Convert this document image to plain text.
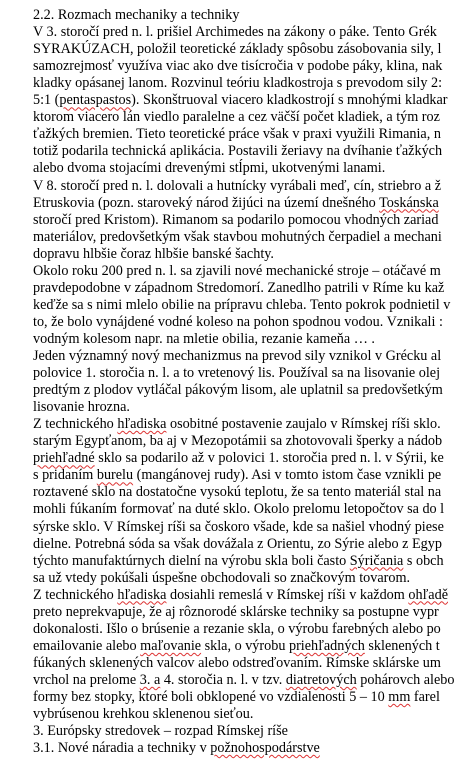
2.2. Rozmach mechaniky a techniky
V 3. storočí pred n. l. prišiel Archimedes na zákony o páke. Tento Grék
SYRAKÚZACH, položil teoretické základy spôsobu zásobovania sily, l
samozrejmosť využíva viac ako dve tisícročia v podobe páky, klina, nak
kladky opásanej lanom. Rozvinul teóriu kladkostroja s prevodom sily 2:
5:1 (pentaspastos). Skonštruoval viacero kladkostrojí s mnohými kladkar
ktorom viacero lán viedlo paralelne a cez väčší počet kladiek, a tým roz
ťažkých bremien. Tieto teoretické práce však v praxi využili Rimania, n
totiž podarila technická aplikácia. Postavili žeriavy na dvíhanie ťažkých
alebo dvoma stojacími drevenými stĺpmi, ukotvenými lanami.
V 8. storočí pred n. l. dolovali a hutnícky vyrábali meď, cín, striebro a ž
Etruskovia (pozn. staroveký národ žijúci na území dnešného Toskánska
storočí pred Kristom). Rimanom sa podarilo pomocou vhodných zariad
materiálov, predovšetkým však stavbou mohutných čerpadiel a mechani
dopravu hlbšie čoraz hlbšie banské šachty.
Okolo roku 200 pred n. l. sa zjavili nové mechanické stroje – otáčavé m
pravdepodobne v západnom Stredomorí. Zanedlho patrili v Ríme ku kaž
keďže sa s nimi mlelo obilie na prípravu chleba. Tento pokrok podnietil v
to, že bolo vynájdené vodné koleso na pohon spodnou vodou. Vznikali :
vodným kolesom napr. na mletie obilia, rezanie kameňa … .
Jeden významný nový mechanizmus na prevod sily vznikol v Grécku al
polovice 1. storočia n. l. a to vretenový lis. Používal sa na lisovanie olej
predtým z plodov vytláčal pákovým lisom, ale uplatnil sa predovšetkým
lisovanie hrozna.
Z technického hľadiska osobitné postavenie zaujalo v Rímskej ríši sklo.
starým Egypťanom, ba aj v Mezopotámii sa zhotovovali šperky a nádob
priehľadné sklo sa podarilo až v polovici 1. storočia pred n. l. v Sýrii, ke
s pridaním burelu (mangánovej rudy). Asi v tomto istom čase vznikli pe
roztavené sklo na dostatočne vysokú teplotu, že sa tento materiál stal na
mohli fúkaním formovať na duté sklo. Okolo prelomu letopočtov sa do l
sýrske sklo. V Rímskej ríši sa čoskoro všade, kde sa našiel vhodný piese
dielne. Potrebná sóda sa však dovážala z Orientu, zo Sýrie alebo z Egyp
týchto manufaktúrnych dielní na výrobu skla boli často Sýričania s obch
sa už vtedy pokúšali úspešne obchodovali so značkovým tovarom.
Z technického hľadiska dosiahli remeslá v Rímskej ríši v každom ohľadě
preto neprekvapuje, že aj rôznorodé sklárske techniky sa postupne vypr
dokonalosti. Išlo o brúsenie a rezanie skla, o výrobu farebných alebo po
emailovanie alebo maľovanie skla, o výrobu priehľadných sklenených t
fúkaných sklenených valcov alebo odstreďovaním. Rímske sklárske um
vrchol na prelome 3. a 4. storočia n. l. v tzv. diatretových pohárovch alebo
formy bez stopky, ktoré boli obklopené vo vzdialenosti 5 – 10 mm farel
vybrúsenou krehkou sklenenou sieťou.
3. Európsky stredovek – rozpad Rímskej ríše
3.1. Nové náradia a techniky v požnohospodárstve
